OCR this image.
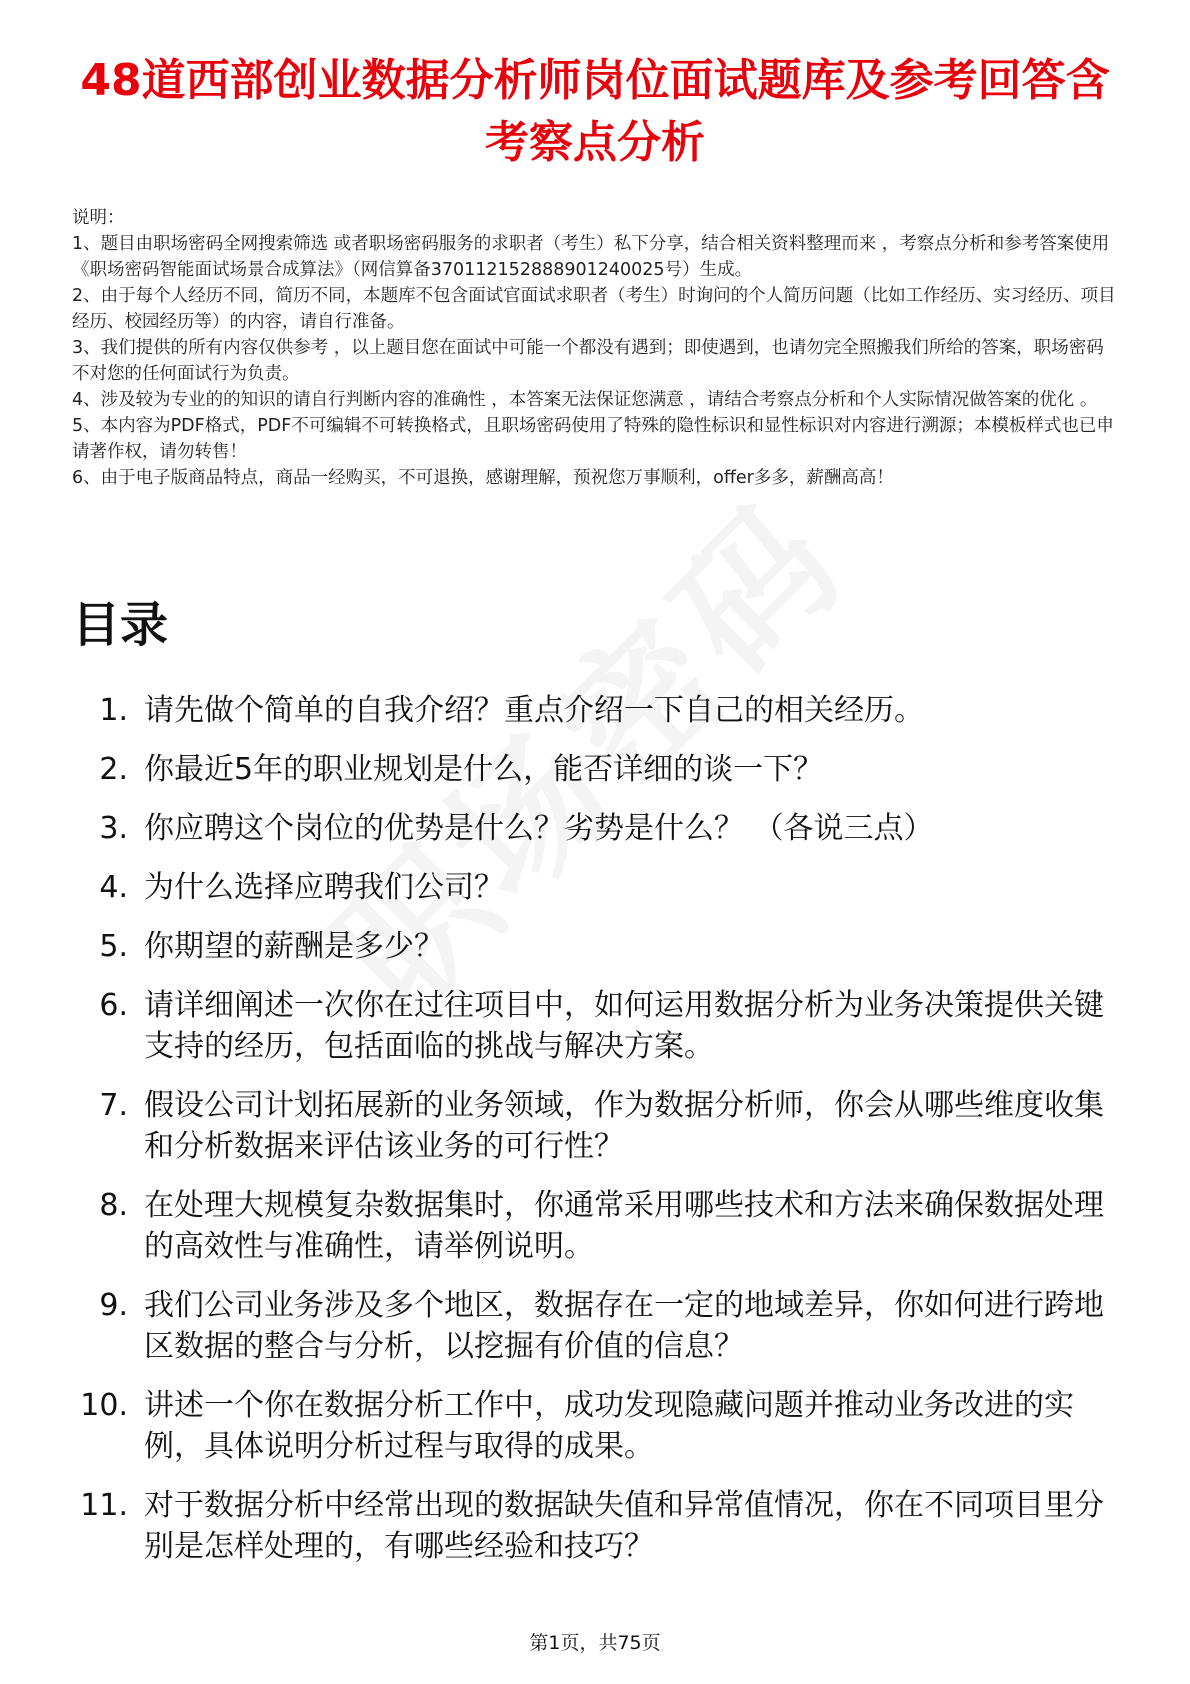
48道西部创业数据分析师岗位面试题库及参考回答含考察点分析
说明：
1、题目由职场密码全网搜索筛选 或者职场密码服务的求职者（考生）私下分享，结合相关资料整理而来 ，考察点分析和参考答案使用《职场密码智能面试场景合成算法》（网信算备370112152888901240025号）生成。
2、由于每个人经历不同，简历不同，本题库不包含面试官面试求职者（考生）时询问的个人简历问题（比如工作经历、实习经历、项目经历、校园经历等）的内容，请自行准备。
3、我们提供的所有内容仅供参考 ，以上题目您在面试中可能一个都没有遇到；即使遇到，也请勿完全照搬我们所给的答案，职场密码不对您的任何面试行为负责。
4、涉及较为专业的的知识的请自行判断内容的准确性 ，本答案无法保证您满意 ，请结合考察点分析和个人实际情况做答案的优化 。
5、本内容为PDF格式，PDF不可编辑不可转换格式，且职场密码使用了特殊的隐性标识和显性标识对内容进行溯源；本模板样式也已申请著作权，请勿转售！
6、由于电子版商品特点，商品一经购买，不可退换，感谢理解，预祝您万事顺利，offer多多，薪酬高高！
目录
1. 请先做个简单的自我介绍？重点介绍一下自己的相关经历。
2. 你最近5年的职业规划是什么，能否详细的谈一下？
3. 你应聘这个岗位的优势是什么？劣势是什么？ （各说三点）
4. 为什么选择应聘我们公司？
5. 你期望的薪酬是多少？
6. 请详细阐述一次你在过往项目中，如何运用数据分析为业务决策提供关键支持的经历，包括面临的挑战与解决方案。
7. 假设公司计划拓展新的业务领域，作为数据分析师，你会从哪些维度收集和分析数据来评估该业务的可行性？
8. 在处理大规模复杂数据集时，你通常采用哪些技术和方法来确保数据处理的高效性与准确性，请举例说明。
9. 我们公司业务涉及多个地区，数据存在一定的地域差异，你如何进行跨地区数据的整合与分析，以挖掘有价值的信息？
10. 讲述一个你在数据分析工作中，成功发现隐藏问题并推动业务改进的实例，具体说明分析过程与取得的成果。
11. 对于数据分析中经常出现的数据缺失值和异常值情况，你在不同项目里分别是怎样处理的，有哪些经验和技巧？
第1页，共75页
